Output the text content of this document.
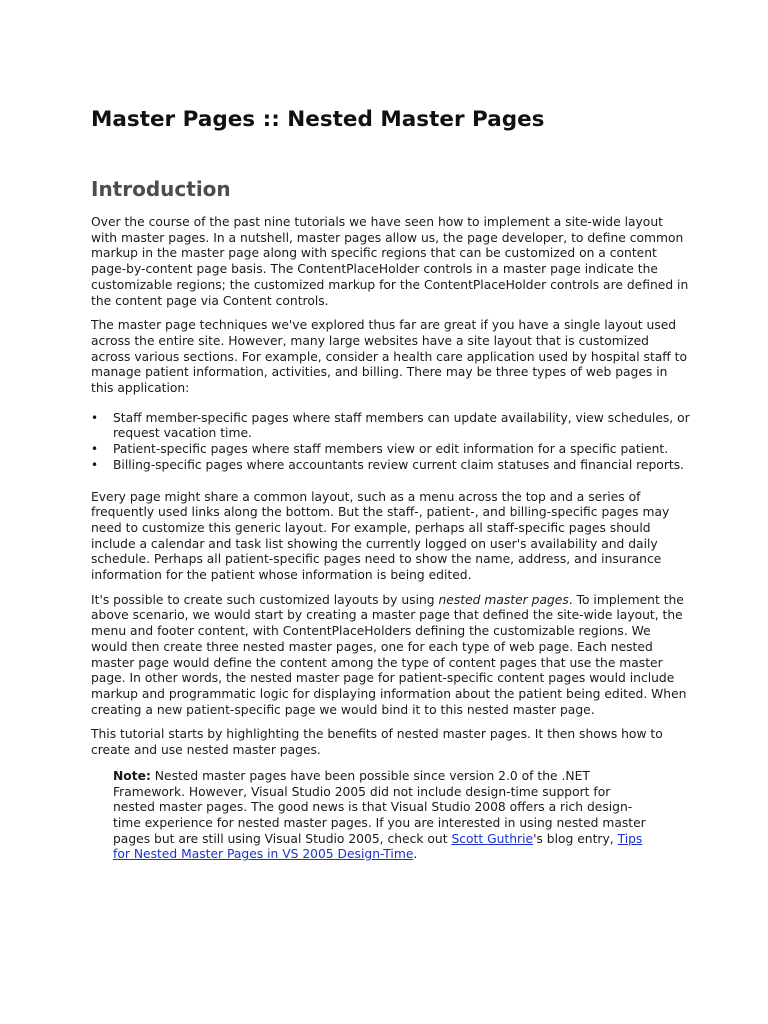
Master Pages :: Nested Master Pages
Introduction

Over the course of the past nine tutorials we have seen how to implement a site-wide layout with master pages. In a nutshell, master pages allow us, the page developer, to define common markup in the master page along with specific regions that can be customized on a content page-by-content page basis. The ContentPlaceHolder controls in a master page indicate the customizable regions; the customized markup for the ContentPlaceHolder controls are defined in the content page via Content controls.

The master page techniques we've explored thus far are great if you have a single layout used across the entire site. However, many large websites have a site layout that is customized across various sections. For example, consider a health care application used by hospital staff to manage patient information, activities, and billing. There may be three types of web pages in this application:

• Staff member-specific pages where staff members can update availability, view schedules, or request vacation time.
• Patient-specific pages where staff members view or edit information for a specific patient.
• Billing-specific pages where accountants review current claim statuses and financial reports.

Every page might share a common layout, such as a menu across the top and a series of frequently used links along the bottom. But the staff-, patient-, and billing-specific pages may need to customize this generic layout. For example, perhaps all staff-specific pages should include a calendar and task list showing the currently logged on user's availability and daily schedule. Perhaps all patient-specific pages need to show the name, address, and insurance information for the patient whose information is being edited.

It's possible to create such customized layouts by using nested master pages. To implement the above scenario, we would start by creating a master page that defined the site-wide layout, the menu and footer content, with ContentPlaceHolders defining the customizable regions. We would then create three nested master pages, one for each type of web page. Each nested master page would define the content among the type of content pages that use the master page. In other words, the nested master page for patient-specific content pages would include markup and programmatic logic for displaying information about the patient being edited. When creating a new patient-specific page we would bind it to this nested master page.

This tutorial starts by highlighting the benefits of nested master pages. It then shows how to create and use nested master pages.

Note: Nested master pages have been possible since version 2.0 of the .NET Framework. However, Visual Studio 2005 did not include design-time support for nested master pages. The good news is that Visual Studio 2008 offers a rich design-time experience for nested master pages. If you are interested in using nested master pages but are still using Visual Studio 2005, check out Scott Guthrie's blog entry, Tips for Nested Master Pages in VS 2005 Design-Time.
